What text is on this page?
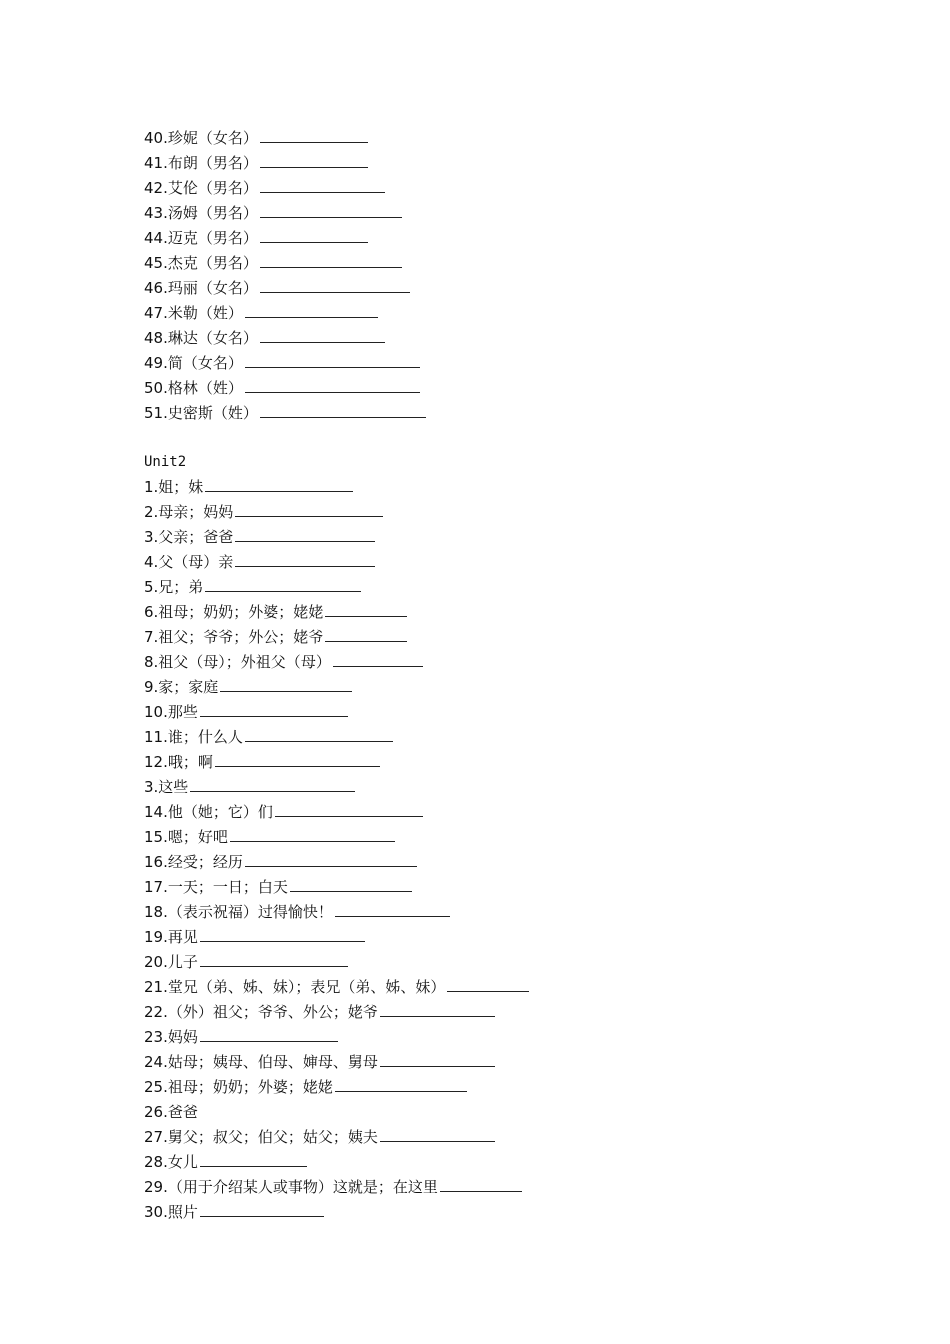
40.珍妮（女名）
41.布朗（男名）
42.艾伦（男名）
43.汤姆（男名）
44.迈克（男名）
45.杰克（男名）
46.玛丽（女名）
47.米勒（姓）
48.琳达（女名）
49.简（女名）
50.格林（姓）
51.史密斯（姓）
Unit2
1.姐；妹
2.母亲；妈妈
3.父亲；爸爸
4.父（母）亲
5.兄；弟
6.祖母；奶奶；外婆；姥姥
7.祖父；爷爷；外公；姥爷
8.祖父（母）；外祖父（母）
9.家；家庭
10.那些
11.谁；什么人
12.哦；啊
3.这些
14.他（她；它）们
15.嗯；好吧
16.经受；经历
17.一天；一日；白天
18.（表示祝福）过得愉快！
19.再见
20.儿子
21.堂兄（弟、姊、妹）；表兄（弟、姊、妹）
22.（外）祖父；爷爷、外公；姥爷
23.妈妈
24.姑母；姨母、伯母、婶母、舅母
25.祖母；奶奶；外婆；姥姥
26.爸爸
27.舅父；叔父；伯父；姑父；姨夫
28.女儿
29.（用于介绍某人或事物）这就是；在这里
30.照片
